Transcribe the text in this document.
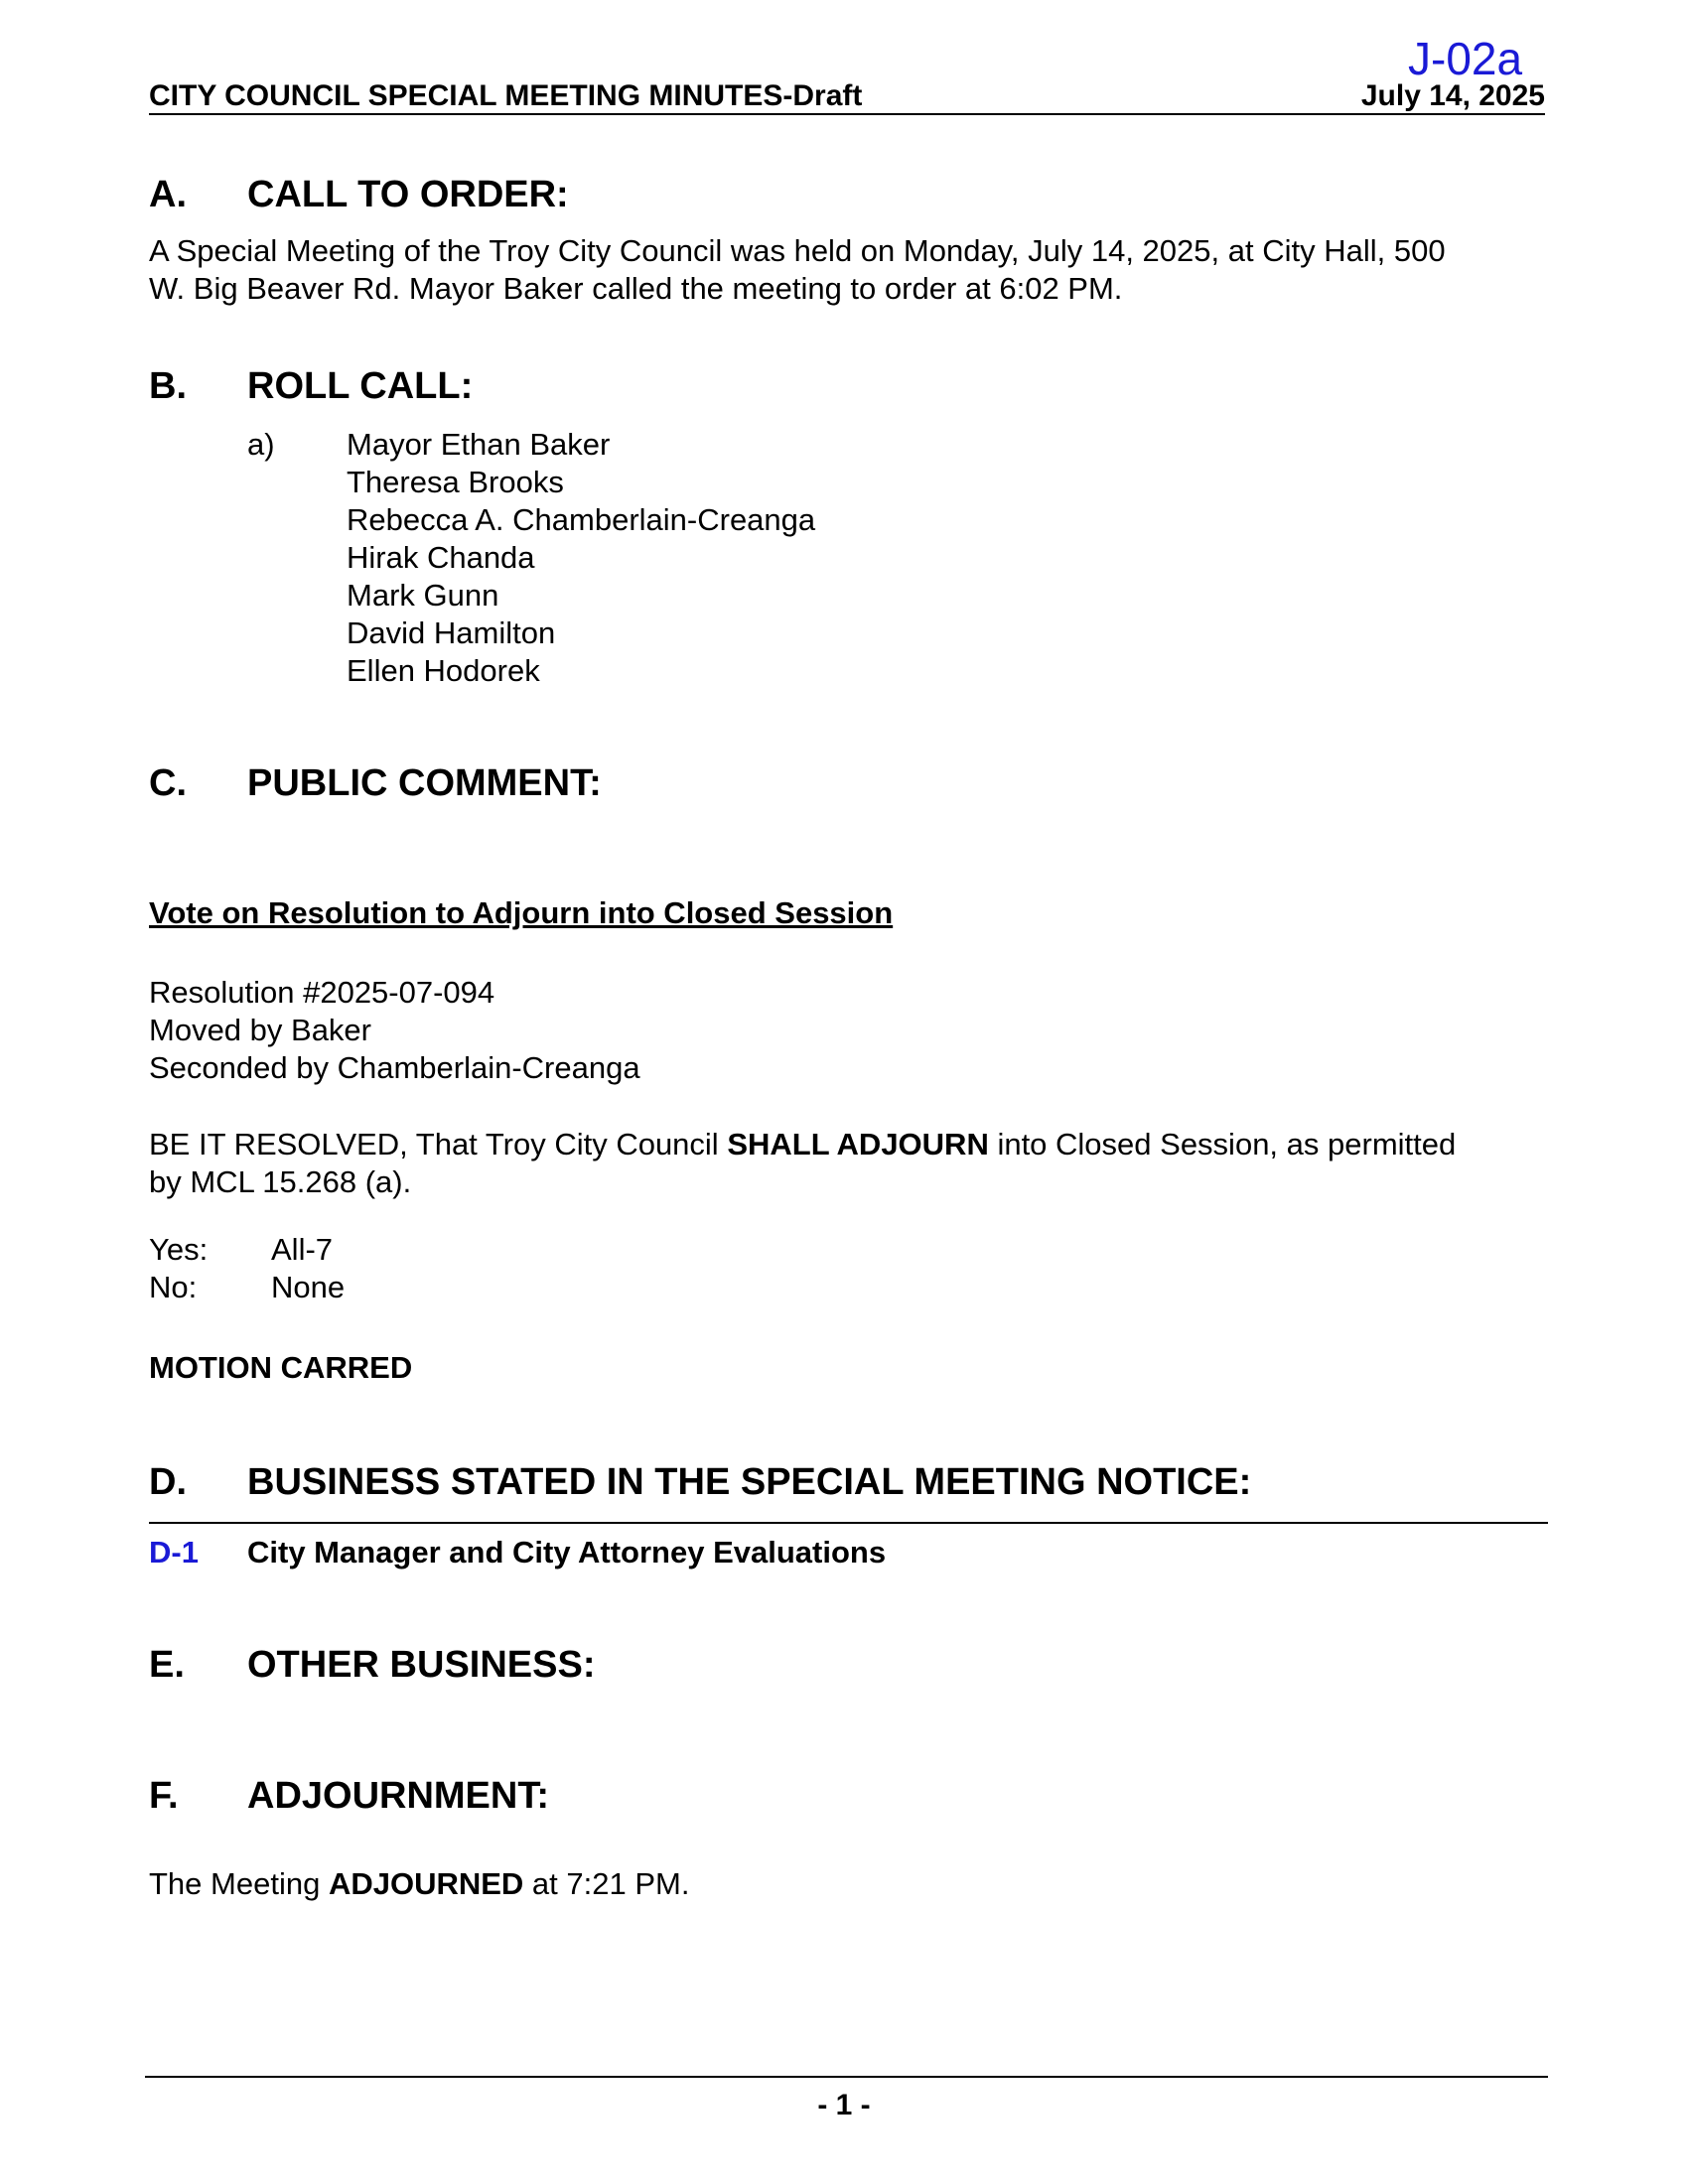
J-02a
CITY COUNCIL SPECIAL MEETING MINUTES-Draft	July 14, 2025
A. CALL TO ORDER:
A Special Meeting of the Troy City Council was held on Monday, July 14, 2025, at City Hall, 500
W. Big Beaver Rd. Mayor Baker called the meeting to order at 6:02 PM.
B. ROLL CALL:
a) Mayor Ethan Baker
Theresa Brooks
Rebecca A. Chamberlain-Creanga
Hirak Chanda
Mark Gunn
David Hamilton
Ellen Hodorek
C. PUBLIC COMMENT:
Vote on Resolution to Adjourn into Closed Session
Resolution #2025-07-094
Moved by Baker
Seconded by Chamberlain-Creanga
BE IT RESOLVED, That Troy City Council SHALL ADJOURN into Closed Session, as permitted
by MCL 15.268 (a).
Yes: All-7
No: None
MOTION CARRED
D. BUSINESS STATED IN THE SPECIAL MEETING NOTICE:
D-1 City Manager and City Attorney Evaluations
E. OTHER BUSINESS:
F. ADJOURNMENT:
The Meeting ADJOURNED at 7:21 PM.
- 1 -
